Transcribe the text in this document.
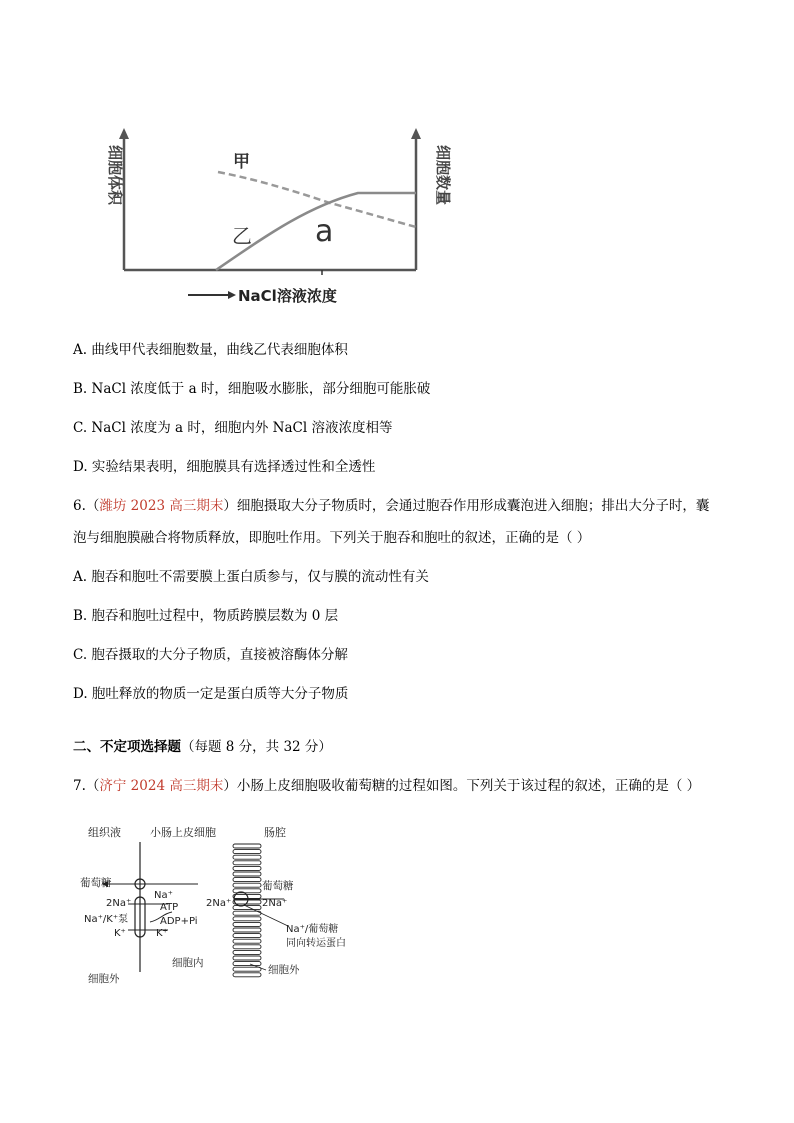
NaCl溶液浓度
细胞体积	细胞数量
甲
乙 a
A. 曲线甲代表细胞数量，曲线乙代表细胞体积
B. NaCl 浓度低于 a 时，细胞吸水膨胀，部分细胞可能胀破
C. NaCl 浓度为 a 时，细胞内外 NaCl 溶液浓度相等
D. 实验结果表明，细胞膜具有选择透过性和全透性
6.（潍坊 2023 高三期末）细胞摄取大分子物质时，会通过胞吞作用形成囊泡进入细胞；排出大分子时，囊
泡与细胞膜融合将物质释放，即胞吐作用。下列关于胞吞和胞吐的叙述，正确的是（ ）
A. 胞吞和胞吐不需要膜上蛋白质参与，仅与膜的流动性有关
B. 胞吞和胞吐过程中，物质跨膜层数为 0 层
C. 胞吞摄取的大分子物质，直接被溶酶体分解
D. 胞吐释放的物质一定是蛋白质等大分子物质
二、不定项选择题（每题 8 分，共 32 分）
7.（济宁 2024 高三期末）小肠上皮细胞吸收葡萄糖的过程如图。下列关于该过程的叙述，正确的是（ ）
组织液	小肠上皮细胞	肠腔
葡萄糖
Na⁺
2Na⁺	ATP
Na⁺/K⁺泵	ADP+Pi
K⁺	K⁺
葡萄糖
2Na⁺	2Na⁺
Na⁺/葡萄糖
同向转运蛋白
细胞外
细胞内
细胞外
